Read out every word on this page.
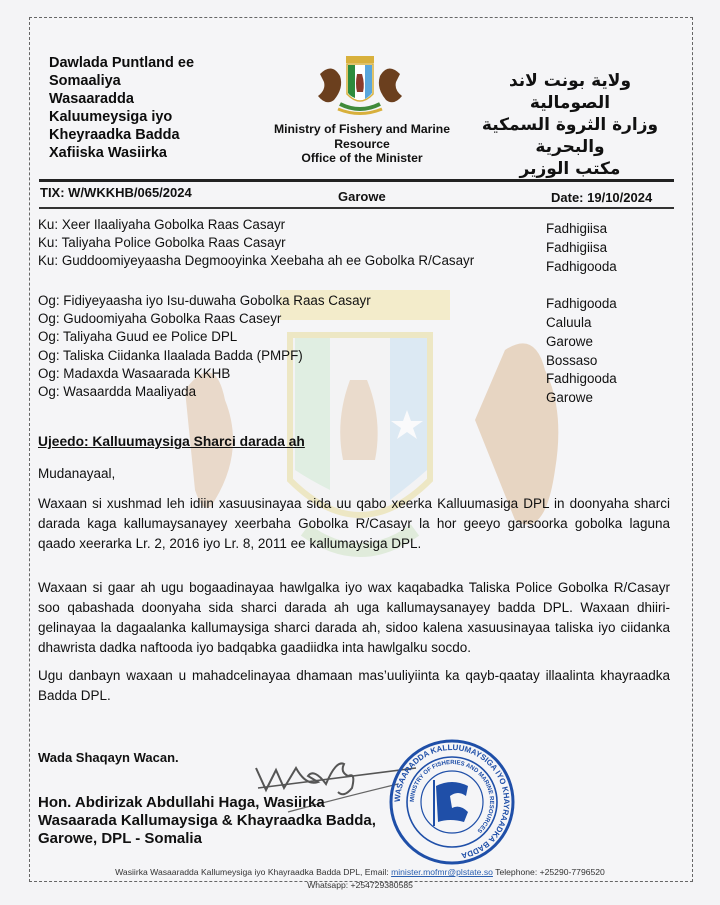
Dawlada Puntland ee
Somaaliya
Wasaaradda
Kaluumeysiga iyo
Kheyraadka Badda
Xafiiska Wasiirka
Ministry of Fishery and Marine
Resource
Office of the Minister
ولاية بونت لاند الصومالية
وزارة الثروة السمكية والبحرية
مكتب الوزير
TIX: W/WKKHB/065/2024	Garowe	Date: 19/10/2024
Ku: Xeer Ilaaliyaha Gobolka Raas Casayr	Fadhigiisa
Ku: Taliyaha Police Gobolka Raas Casayr	Fadhigiisa
Ku: Guddoomiyeyaasha Degmooyinka Xeebaha ah ee Gobolka R/Casayr	Fadhigooda
Og: Fidiyeyaasha iyo Isu-duwaha Gobolka Raas Casayr	Fadhigooda
Og: Gudoomiyaha Gobolka Raas Caseyr	Caluula
Og: Taliyaha Guud ee Police DPL	Garowe
Og: Taliska Ciidanka Ilaalada Badda (PMPF)	Bossaso
Og: Madaxda Wasaarada KKHB	Fadhigooda
Og: Wasaardda Maaliyada	Garowe
Ujeedo: Kalluumaysiga Sharci darada ah
Mudanayaal,
Waxaan si xushmad leh idiin xasuusinayaa sida uu qabo xeerka Kalluumasiga DPL in doonyaha sharci darada kaga kallumaysanayey xeerbaha Gobolka R/Casayr la hor geeyo garsoorka gobolka laguna qaado xeerarka Lr. 2, 2016 iyo Lr. 8, 2011 ee kallumaysiga DPL.
Waxaan si gaar ah ugu bogaadinayaa hawlgalka iyo wax kaqabadka Taliska Police Gobolka R/Casayr soo qabashada doonyaha sida sharci darada ah uga kallumaysanayey badda DPL. Waxaan dhiiri-gelinayaa la dagaalanka kallumaysiga sharci darada ah, sidoo kalena xasuusinayaa taliska iyo ciidanka dhawrista dadka naftooda iyo badqabka gaadiidka inta hawlgalku socdo.
Ugu danbayn waxaan u mahadcelinayaa dhamaan mas’uuliyiinta ka qayb-qaatay illaalinta khayraadka Badda DPL.
Wada Shaqayn Wacan.
Hon. Abdirizak Abdullahi Haga, Wasiirka
Wasaarada Kallumaysiga & Khayraadka Badda,
Garowe, DPL - Somalia
WASAARADDA KALLUUMAYSIGA IYO KHAYRAADKA BADDA
MINISTRY OF FISHERIES AND MARINE RESOURCES
Wasiirka Wasaaradda Kallumeysiga iyo Khayraadka Badda DPL, Email: minister.mofmr@plstate.so Telephone: +25290-7796520
Whatsapp: +254729380585
